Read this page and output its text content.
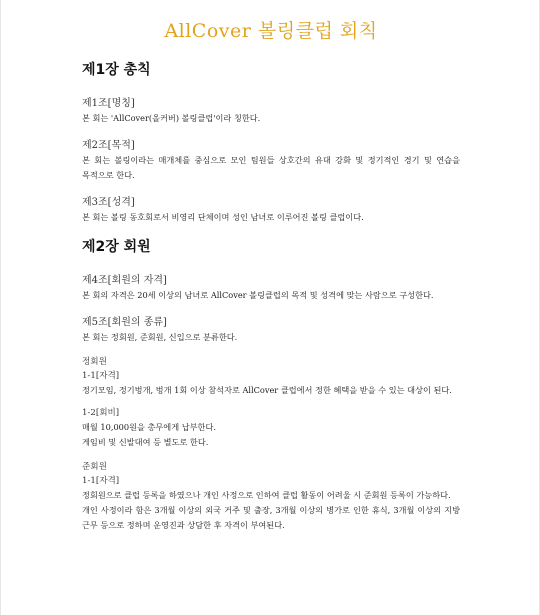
AllCover 볼링클럽 회칙
제1장 총칙
제1조[명칭]
본 회는 'AllCover(올커버) 볼링클럽'이라 칭한다.
제2조[목적]
본 회는 볼링이라는 매개체를 중심으로 모인 팀원들 상호간의 유대 강화 및 정기적인 경기 및 연습을 목적으로 한다.
제3조[성격]
본 회는 볼링 동호회로서 비영리 단체이며 성인 남녀로 이루어진 볼링 클럽이다.
제2장 회원
제4조[회원의 자격]
본 회의 자격은 20세 이상의 남녀로 AllCover 볼링클럽의 목적 및 성격에 맞는 사람으로 구성한다.
제5조[회원의 종류]
본 회는 정회원, 준회원, 신입으로 분류한다.
정회원
1-1[자격]
정기모임, 정기벙개, 벙개 1회 이상 참석자로 AllCover 클럽에서 정한 혜택을 받을 수 있는 대상이 된다.
1-2[회비]
매월 10,000원을 총무에게 납부한다.
게임비 및 신발대여 등 별도로 한다.
준회원
1-1[자격]
정회원으로 클럽 등록을 하였으나 개인 사정으로 인하여 클럽 활동이 어려울 시 준회원 등록이 가능하다.
개인 사정이라 함은 3개월 이상의 외국 거주 및 출장, 3개월 이상의 병가로 인한 휴식, 3개월 이상의 지방 근무 등으로 정하며 운영진과 상담한 후 자격이 부여된다.
